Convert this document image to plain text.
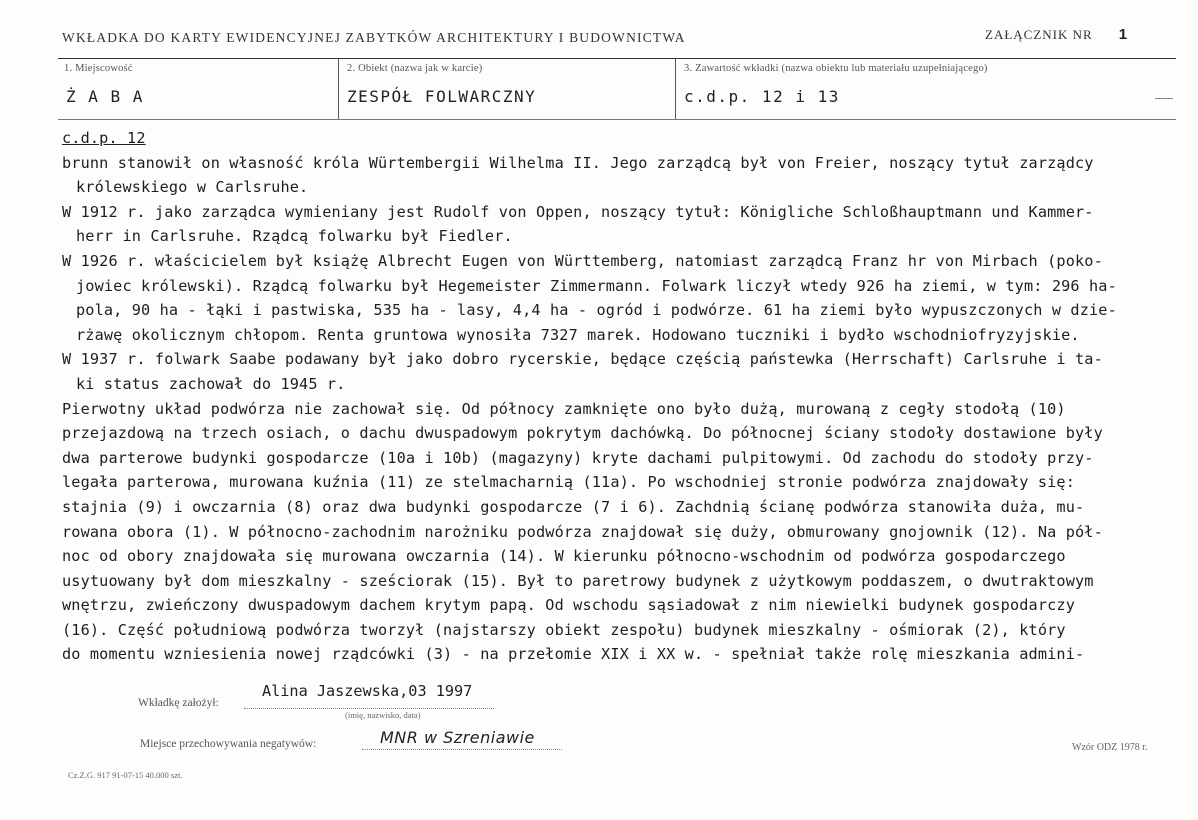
WKŁADKA DO KARTY EWIDENCYJNEJ ZABYTKÓW ARCHITEKTURY I BUDOWNICTWA	ZAŁĄCZNIK NR 1
1. Miejscowość
Ż A B A
2. Obiekt (nazwa jak w karcie)
ZESPÓŁ FOLWARCZNY
3. Zawartość wkładki (nazwa obiektu lub materiału uzupełniającego)
c.d.p. 12 i 13
c.d.p. 12
brunn stanowił on własność króla Würtembergii Wilhelma II. Jego zarządcą był von Freier, noszący tytuł zarządcy
królewskiego w Carlsruhe.
W 1912 r. jako zarządca wymieniany jest Rudolf von Oppen, noszący tytuł: Königliche Schloßhauptmann und Kammer-
herr in Carlsruhe. Rządcą folwarku był Fiedler.
W 1926 r. właścicielem był książę Albrecht Eugen von Württemberg, natomiast zarządcą Franz hr von Mirbach (poko-
jowiec królewski). Rządcą folwarku był Hegemeister Zimmermann. Folwark liczył wtedy 926 ha ziemi, w tym: 296 ha-
pola, 90 ha - łąki i pastwiska, 535 ha - lasy, 4,4 ha - ogród i podwórze. 61 ha ziemi było wypuszczonych w dzie-
rżawę okolicznym chłopom. Renta gruntowa wynosiła 7327 marek. Hodowano tuczniki i bydło wschodniofryzyjskie.
W 1937 r. folwark Saabe podawany był jako dobro rycerskie, będące częścią państewka (Herrschaft) Carlsruhe i ta-
ki status zachował do 1945 r.
Pierwotny układ podwórza nie zachował się. Od północy zamknięte ono było dużą, murowaną z cegły stodołą (10)
przejazdową na trzech osiach, o dachu dwuspadowym pokrytym dachówką. Do północnej ściany stodoły dostawione były
dwa parterowe budynki gospodarcze (10a i 10b) (magazyny) kryte dachami pulpitowymi. Od zachodu do stodoły przy-
legała parterowa, murowana kuźnia (11) ze stelmacharnią (11a). Po wschodniej stronie podwórza znajdowały się:
stajnia (9) i owczarnia (8) oraz dwa budynki gospodarcze (7 i 6). Zachdnią ścianę podwórza stanowiła duża, mu-
rowana obora (1). W północno-zachodnim narożniku podwórza znajdował się duży, obmurowany gnojownik (12). Na pół-
noc od obory znajdowała się murowana owczarnia (14). W kierunku północno-wschodnim od podwórza gospodarczego
usytuowany był dom mieszkalny - sześciorak (15). Był to paretrowy budynek z użytkowym poddaszem, o dwutraktowym
wnętrzu, zwieńczony dwuspadowym dachem krytym papą. Od wschodu sąsiadował z nim niewielki budynek gospodarczy
(16). Część południową podwórza tworzył (najstarszy obiekt zespołu) budynek mieszkalny - ośmiorak (2), który
do momentu wzniesienia nowej rządcówki (3) - na przełomie XIX i XX w. - spełniał także rolę mieszkania admini-
Wkładkę założył:
Alina Jaszewska,03 1997
(imię, nazwisko, data)
Miejsce przechowywania negatywów:	MNR w Szreniawie
Cz.Z.G. 917 91-07-15 40.000 szt.
Wzór ODZ 1978 r.
